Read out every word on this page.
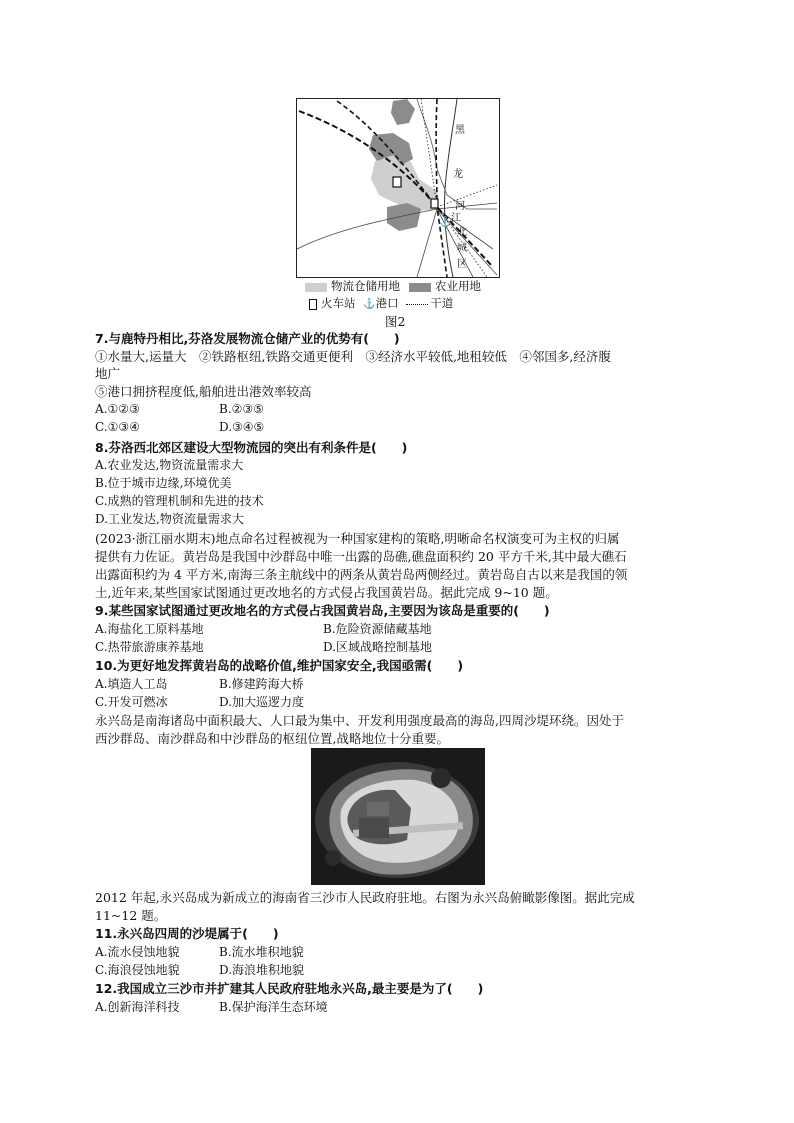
⚓
黑
龙
江
河
北
城
区
物流仓储用地	农业用地
火车站 ⚓港口	干道
图2
7.与鹿特丹相比,芬洛发展物流仓储产业的优势有(　　)
①水量大,运量大　②铁路枢纽,铁路交通更便利　③经济水平较低,地租较低　④邻国多,经济腹
地广
⑤港口拥挤程度低,船舶进出港效率较高
A.①②③	B.②③⑤
C.①③④	D.③④⑤
8.芬洛西北郊区建设大型物流园的突出有利条件是(　　)
A.农业发达,物资流量需求大
B.位于城市边缘,环境优美
C.成熟的管理机制和先进的技术
D.工业发达,物资流量需求大
(2023·浙江丽水期末)地点命名过程被视为一种国家建构的策略,明晰命名权演变可为主权的归属
提供有力佐证。黄岩岛是我国中沙群岛中唯一出露的岛礁,礁盘面积约 20 平方千米,其中最大礁石
出露面积约为 4 平方米,南海三条主航线中的两条从黄岩岛两侧经过。黄岩岛自古以来是我国的领
土,近年来,某些国家试图通过更改地名的方式侵占我国黄岩岛。据此完成 9~10 题。
9.某些国家试图通过更改地名的方式侵占我国黄岩岛,主要因为该岛是重要的(　　)
A.海盐化工原料基地	B.危险资源储藏基地
C.热带旅游康养基地	D.区域战略控制基地
10.为更好地发挥黄岩岛的战略价值,维护国家安全,我国亟需(　　)
A.填造人工岛	B.修建跨海大桥
C.开发可燃冰	D.加大巡逻力度
永兴岛是南海诸岛中面积最大、人口最为集中、开发利用强度最高的海岛,四周沙堤环绕。因处于
西沙群岛、南沙群岛和中沙群岛的枢纽位置,战略地位十分重要。
2012 年起,永兴岛成为新成立的海南省三沙市人民政府驻地。右图为永兴岛俯瞰影像图。据此完成
11~12 题。
11.永兴岛四周的沙堤属于(　　)
A.流水侵蚀地貌	B.流水堆积地貌
C.海浪侵蚀地貌	D.海浪堆积地貌
12.我国成立三沙市并扩建其人民政府驻地永兴岛,最主要是为了(　　)
A.创新海洋科技	B.保护海洋生态环境
